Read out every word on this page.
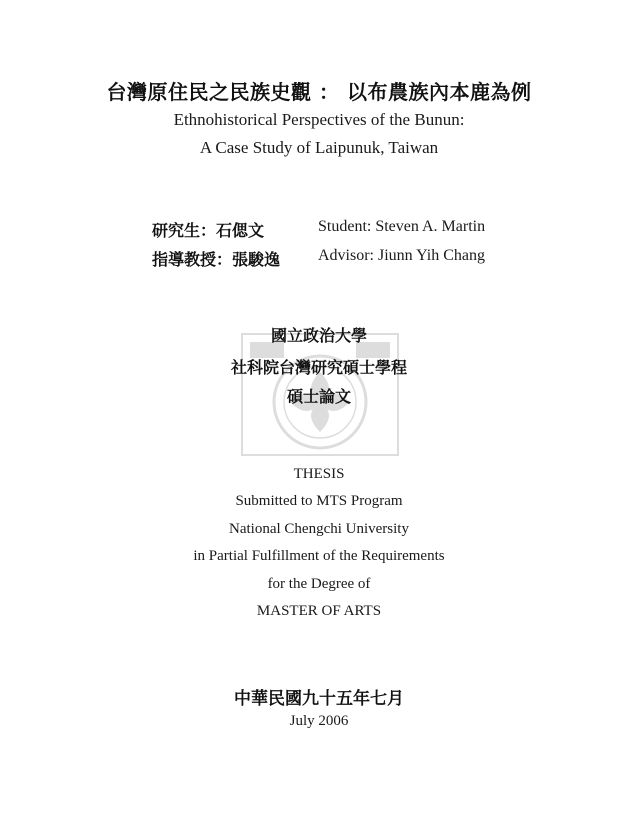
台灣原住民之民族史觀 ： 以布農族內本鹿為例
Ethnohistorical Perspectives of the Bunun:
A Case Study of Laipunuk, Taiwan
研究生：石偲文	Student: Steven A. Martin
指導教授：張駿逸 Advisor: Jiunn Yih Chang
國立政治大學
社科院台灣研究碩士學程
碩士論文
THESIS
Submitted to MTS Program
National Chengchi University
in Partial Fulfillment of the Requirements
for the Degree of
MASTER OF ARTS
中華民國九十五年七月
July 2006
